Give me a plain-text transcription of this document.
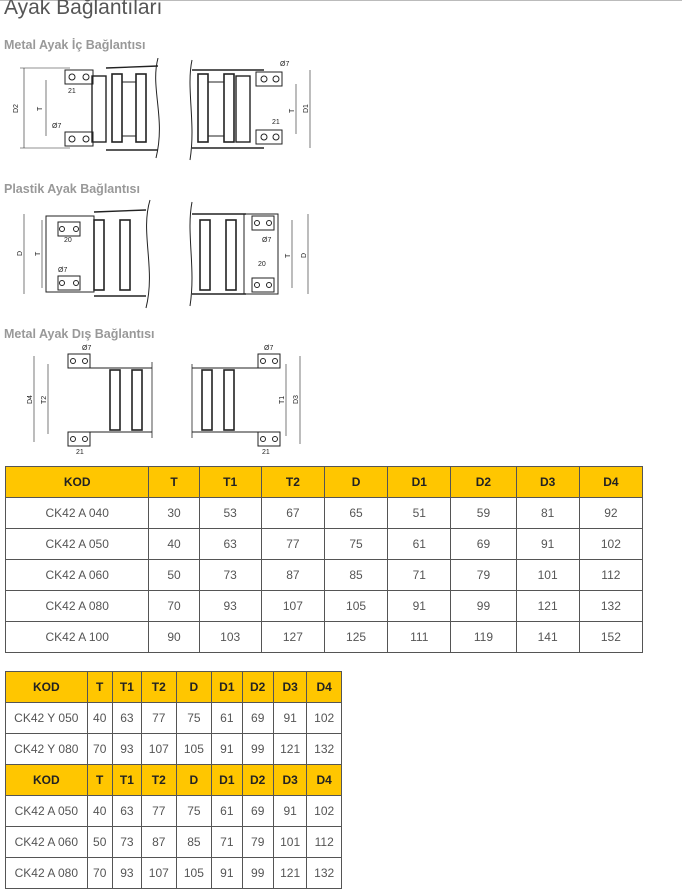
Ayak Bağlantıları
Metal Ayak İç Bağlantısı
Plastik Ayak Bağlantısı
Metal Ayak Dış Bağlantısı
21
Ø7
D2 T
Ø7
21
T D1
20
Ø7
D T
Ø7
20
T D
Ø7
21
D4 T2
Ø7
21
T1 D3
KOD	T	T1	T2	D	D1	D2	D3	D4
CK42 A 040	30	53	67	65	51	59	81	92
CK42 A 050	40	63	77	75	61	69	91	102
CK42 A 060	50	73	87	85	71	79	101	112
CK42 A 080	70	93	107	105	91	99	121	132
CK42 A 100	90	103	127	125	111	119	141	152
KOD	T	T1	T2	D	D1	D2	D3	D4
CK42 Y 050	40	63	77	75	61	69	91	102
CK42 Y 080	70	93	107	105	91	99	121	132
KOD	T	T1	T2	D	D1	D2	D3	D4
CK42 A 050	40	63	77	75	61	69	91	102
CK42 A 060	50	73	87	85	71	79	101	112
CK42 A 080	70	93	107	105	91	99	121	132
